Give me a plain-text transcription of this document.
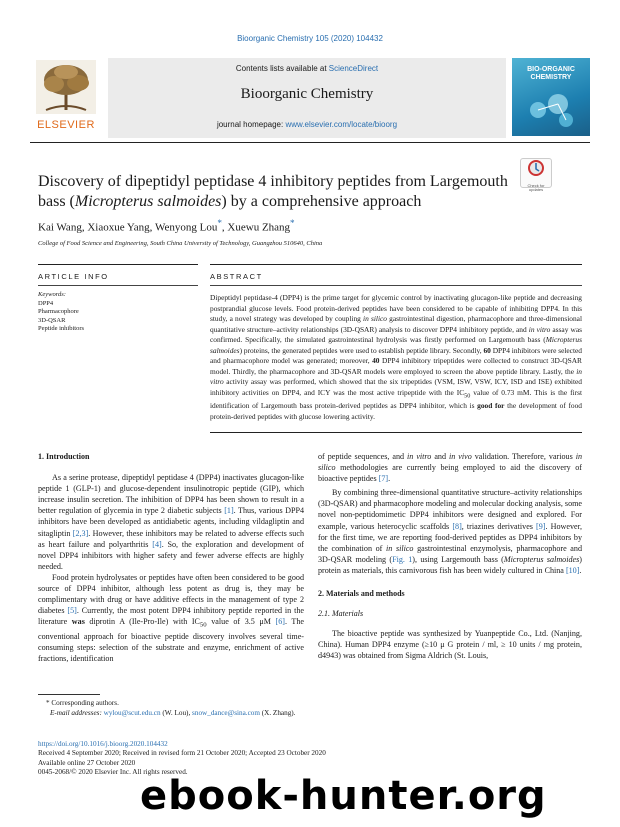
Bioorganic Chemistry 105 (2020) 104432
ELSEVIER
Contents lists available at ScienceDirect
Bioorganic Chemistry
journal homepage: www.elsevier.com/locate/bioorg
BIO-ORGANIC CHEMISTRY
Discovery of dipeptidyl peptidase 4 inhibitory peptides from Largemouth bass (Micropterus salmoides) by a comprehensive approach
Check for updates
Kai Wang, Xiaoxue Yang, Wenyong Lou*, Xuewu Zhang*
College of Food Science and Engineering, South China University of Technology, Guangzhou 510640, China
ARTICLE INFO	ABSTRACT
Keywords:
DPP4
Pharmacophore
3D-QSAR
Peptide inhibitors
Dipeptidyl peptidase-4 (DPP4) is the prime target for glycemic control by inactivating glucagon-like peptide and decreasing postprandial glucose levels. Food protein-derived peptides have been considered to be capable of inhibiting DPP4. In this study, a novel strategy was developed by coupling in silico gastrointestinal digestion, pharmacophore and three-dimensional quantitative structure–activity relationships (3D-QSAR) analysis to discover DPP4 inhibitory peptide, and in vitro assay was confirmed. Specifically, the simulated gastrointestinal hydrolysis was firstly performed on Largemouth bass (Micropterus salmoides) proteins, the generated peptides were used to establish peptide library. Secondly, 60 DPP4 inhibitors were selected and pharmacophore model was generated; moreover, 40 DPP4 inhibitory tripeptides were collected to construct 3D-QSAR model. Thirdly, the pharmacophore and 3D-QSAR models were employed to screen the above peptide library. Lastly, the in vitro activity assay was performed, which showed that the six tripeptides (VSM, ISW, VSW, ICY, ISD and ISE) exhibited inhibitory activities on DPP4, and ICY was the most active tripeptide with the $IC_{50}$ value of 0.73 mM. This is the first identification of Largemouth bass protein-derived peptides as DPP4 inhibitor, which is good for the development of food protein-derived peptides with glucose lowering activity.
1. Introduction

As a serine protease, dipeptidyl peptidase 4 (DPP4) inactivates glucagon-like peptide 1 (GLP-1) and glucose-dependent insulinotropic peptide (GIP), which increase insulin secretion. The inhibition of DPP4 has been shown to result in a better regulation of glycemia in type 2 diabetic subjects [1]. Thus, various DPP4 inhibitors have been developed as antidiabetic agents, including vildagliptin and sitagliptin [2,3]. However, these inhibitors may be related to adverse effects such as heart failure and polyarthritis [4]. So, the exploration and development of novel DPP4 inhibitors with higher safety and fewer adverse effects are highly needed.

Food protein hydrolysates or peptides have often been considered to be good source of DPP4 inhibitor, although less potent as drug is, they may be complimentary with drug or have additive effects in the management of type 2 diabetes [5]. Currently, the most potent DPP4 inhibitory peptide reported in the literature was diprotin A (Ile-Pro-Ile) with $IC_{50}$ value of 3.5 μM [6]. The conventional approach for bioactive peptide discovery involves several time-consuming steps: selection of the substrate and enzyme, enrichment of active fractions, identification

of peptide sequences, and in vitro and in vivo validation. Therefore, various in silico methodologies are currently being employed to aid the discovery of bioactive peptides [7].

By combining three-dimensional quantitative structure–activity relationships (3D-QSAR) and pharmacophore modeling and molecular docking analysis, some novel non-peptidomimetic DPP4 inhibitors were designed and explored. For example, various heterocyclic scaffolds [8], triazines derivatives [9]. However, for the first time, we are reporting food-derived peptides as DPP4 inhibitors by the combination of in silico gastrointestinal enzymolysis, pharmacophore and 3D-QSAR modeling (Fig. 1), using Largemouth bass (Micropterus salmoides) protein as materials, this carnivorous fish has been widely cultured in China [10].

2. Materials and methods
2.1. Materials

The bioactive peptide was synthesized by Yuanpeptide Co., Ltd. (Nanjing, China). Human DPP4 enzyme (≥10 μ G protein / ml, ≥ 10 units / mg protein, d4943) was obtained from Sigma Aldrich (St. Louis,

* Corresponding authors.
E-mail addresses: wylou@scut.edu.cn (W. Lou), snow_dance@sina.com (X. Zhang).
https://doi.org/10.1016/j.bioorg.2020.104432
Received 4 September 2020; Received in revised form 21 October 2020; Accepted 23 October 2020
Available online 27 October 2020
0045-2068/© 2020 Elsevier Inc. All rights reserved.
ebook-hunter.org
